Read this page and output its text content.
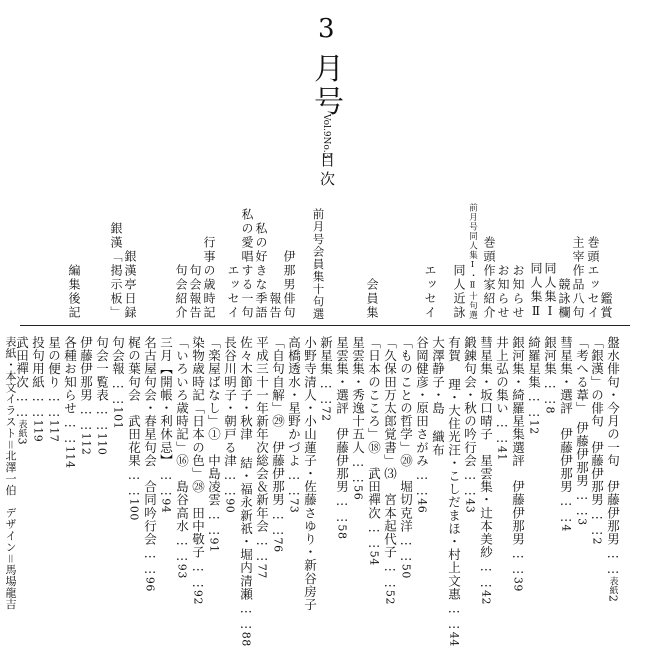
3
月
号
Vol.9No.3
目次
鑑賞
巻頭エッセイ
主宰作品八句
競詠欄
同人集Ⅰ
同人集Ⅱ
お知らせ
お知らせ
巻頭作家紹介
前月号同人集Ⅰ・Ⅱ十句選
同人近詠
エッセイ
会員集
前月号会員集十句選
伊那男俳句
報告
私の好きな季語
私の愛唱する一句
エッセイ
行事の歳時記
句会報告
句会紹介
銀漢亭日録
銀漢「掲示板」
編集後記
盤水俳句・今月の一句　伊藤伊那男……表紙2
「銀漢」の俳句　伊藤伊那男……2
「考へる葦」　伊藤伊那男……3
彗星集・選評　伊藤伊那男……4
銀河集……8
綺羅星集……12
銀河集・綺羅星集選評　伊藤伊那男……39
井上弘の集い……41
彗星集・坂口晴子　星雲集・辻本美紗……42
鍛錬句会・秋の吟行会……43
有賀 理・大住光汪・こしだまほ・村上文惠……44
大澤静子・島 織布
谷岡健彦・原田さがみ……46
「ものことの哲学」⑳　堀切克洋……50
「久保田万太郎覚書」⑶　宮本起代子……52
「日本のこころ」⑱　武田禪次……54
星雲集・秀逸十五人……56
星雲集・選評　伊藤伊那男……58
新星集……72
小野寺清人・小山蓮子・佐藤さゆり・新谷房子
高橋透水・星野かづよ……73
「自句自解」㉙　伊藤伊那男……76
平成三十一年新年次総会＆新年会……77
佐々木節子・秋津 結・福永新祇・堀内清瀬……88
長谷川明子・朝戸る津……90
「楽屋ばなし」①　中島凌雲……91
染物歳時記「日本の色」㉘　田中敬子……92
「いろいろ歳時記」⑯　島谷高水……93
三月【開帳・利休忌】……94
名古屋句会・春星句会　合同吟行会……96
梶の葉句会　武田花果……100
句会報……101
句会一覧表……110
伊藤伊那男……112
各種お知らせ……114
星の便り……117
投句用紙……119
武田禪次……表紙3
表紙・本文イラスト＝北澤一伯　デザイン＝馬場龍吉
